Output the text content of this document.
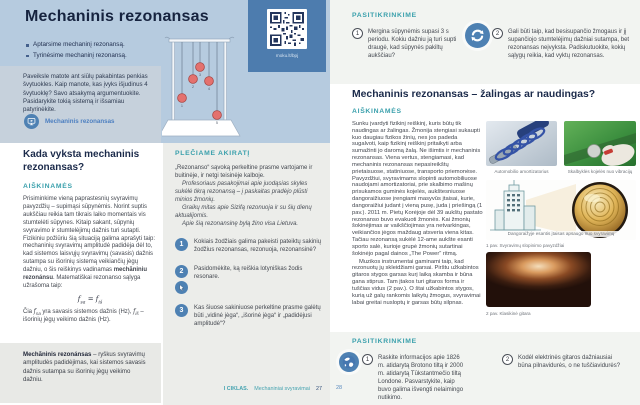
Mechaninis rezonansas
Aptarsime mechaninį rezonansą.
Tyrinėsime mechaninį rezonansą.
1
2
3
4
5
moku.lt/bpj

Paveiksle matote ant siūlų pakabintas penkias švytuokles. Kaip manote, kas įvyks išjudinus 4 švytuoklę? Savo atsakymą argumentuokite. Pasidarykite tokią sistemą ir išsamiau patyrinėkite.

Mechaninis rezonansas
Kada vyksta mechaninis rezonansas?
AIŠKINAMĖS

Prisiminkime vieną paprastesnių svyravimų pavyzdžių – supimąsi sūpynėmis. Norint suptis aukščiau reikia tam tikrais laiko momentais vis stumtelėti sūpynes. Kitaip sakant, sūpynių svyravimo ir stumtelėjimų dažnis turi sutapti. Fizikiniu požiūriu šią situaciją galima aprašyti taip: mechaninių svyravimų amplitudė padidėja dėl to, kad sistemos laisvųjų svyravimų (savasis) dažnis sutampa su išorinių sistemą veikiančių jėgų dažniu, o šis reiškinys vadinamas mechãniniu rezonánsu. Matematiškai rezonanso sąlyga užrašoma taip:

$f_{sa} = f_{iš}$

Čia $f_{sa}$ yra savasis sistemos dažnis (Hz), $f_{iš}$ – išorinių jėgų veikimo dažnis (Hz).

Mechãninis rezonánsas – ryškus svyravimų amplitudės padidėjimas, kai sistemos savasis dažnis sutampa su išorinių jėgų veikimo dažniu.

PLEČIAME AKIRATĮ

„Rezonanso“ sąvoką perkeltine prasme vartojame ir buitinėje, ir netgi teisinėje kalboje.

Profesoriaus pasakojimai apie juodąsias skyles sukėlė tikrą rezonansą – į paskaitas pradėjo plūsti minios žmonių.

Graikų mitas apie Sizifą rezonuoja ir su šių dienų aktualijomis.

Apie šią rezonansinę bylą žino visa Lietuva.

1	Kokiais žodžiais galima pakeisti pateiktų sakinių žodžius rezonansas, rezonuoja, rezonansinė?

2	Pasidomėkite, ką reiškia lotyniškas žodis resonare.

3	Kas šiuose sakiniuose perkeltine prasme galėtų būti „vidinė jėga“, „išorinė jėga“ ir „padidėjusi amplitudė“?

I CIKLAS. Mechaniniai svyravimai 27
PASITIKRINKIME
1	Mergina sūpynėmis supasi 3 s periodu. Kokiu dažniu ją turi supti draugė, kad sūpynės pakiltų aukščiau?

2	Gali būti taip, kad besisupančio žmogaus ir jį supančiojo stumtelėjimų dažniai sutampa, bet rezonansas neįvyksta. Padiskutuokite, kokių sąlygų reikia, kad vyktų rezonansas.

Mechaninis rezonansas – žalingas ar naudingas?
AIŠKINAMĖS

Sunku įvardyti fizikinį reiškinį, kuris būtų tik naudingas ar žalingas. Žmonija stengiasi sukaupti kuo daugiau fizikos žinių, nes jos padeda sugalvoti, kaip fizikinį reiškinį pritaikyti arba sumažinti jo daromą žalą. Ne išimtis ir mechaninis rezonansas. Viena vertus, stengiamasi, kad mechaninis rezonansas nepasireikštų prietaisuose, statiniuose, transporto priemonėse. Pavyzdžiui, svyravimams slopinti automobiliuose naudojami amortizatoriai, prie skalbimo mašinų prisukamos guminės kojelės, aukštesniuose dangoraižiuose įrengiami masyvūs įtaisai, kurie, dangoraižiui judant į vieną pusę, juda į priešingą (1 pav.). 2011 m. Pietų Korėjoje dėl 39 aukštų pastato rezonanso buvo evakuoti žmonės. Kai žmonių šokinėjimas ar vaikščiojimas yra netvarkingas, veikiančios jėgos maždaug atsveria viena kitas. Tačiau rezonansą sukėlė 12-ame aukšte esanti sporto salė, kurioje grupė žmonių sutartinai šokinėjo pagal dainos „The Power“ ritmą.

Muzikos instrumentai gaminami taip, kad rezonuotų jų skleidžiami garsai. Pirštu užkabintos gitaros stygos garsas kurį laiką skamba ir būna gana stiprus. Tam įtakos turi gitaros forma ir tuščias vidus (2 pav.). O štai užkabintos stygos, kurią už galų rankomis laikytų žmogus, svyravimai labai greitai nusloptų ir garsas būtų silpnas.

Automobilio amortizatorius	Skalbyklės kojelės nuo vibracijų

Dangoraižyje esantis įtaisas apsaugo nuo svyravimų

1 pav. Svyravimų slopinimo pavyzdžiai

2 pav. Klasikinė gitara

PASITIKRINKIME
1	Raskite informacijos apie 1826 m. atidarytą Brotono tiltą ir 2000 m. atidarytą Tūkstantmečio tiltą Londone. Pasvarstykite, kaip buvo galima išvengti nelaimingo nutikimo.

2	Kodėl elektrinės gitaros dažniausiai būna pilnavidurės, o ne tuščiavidurės?

28
